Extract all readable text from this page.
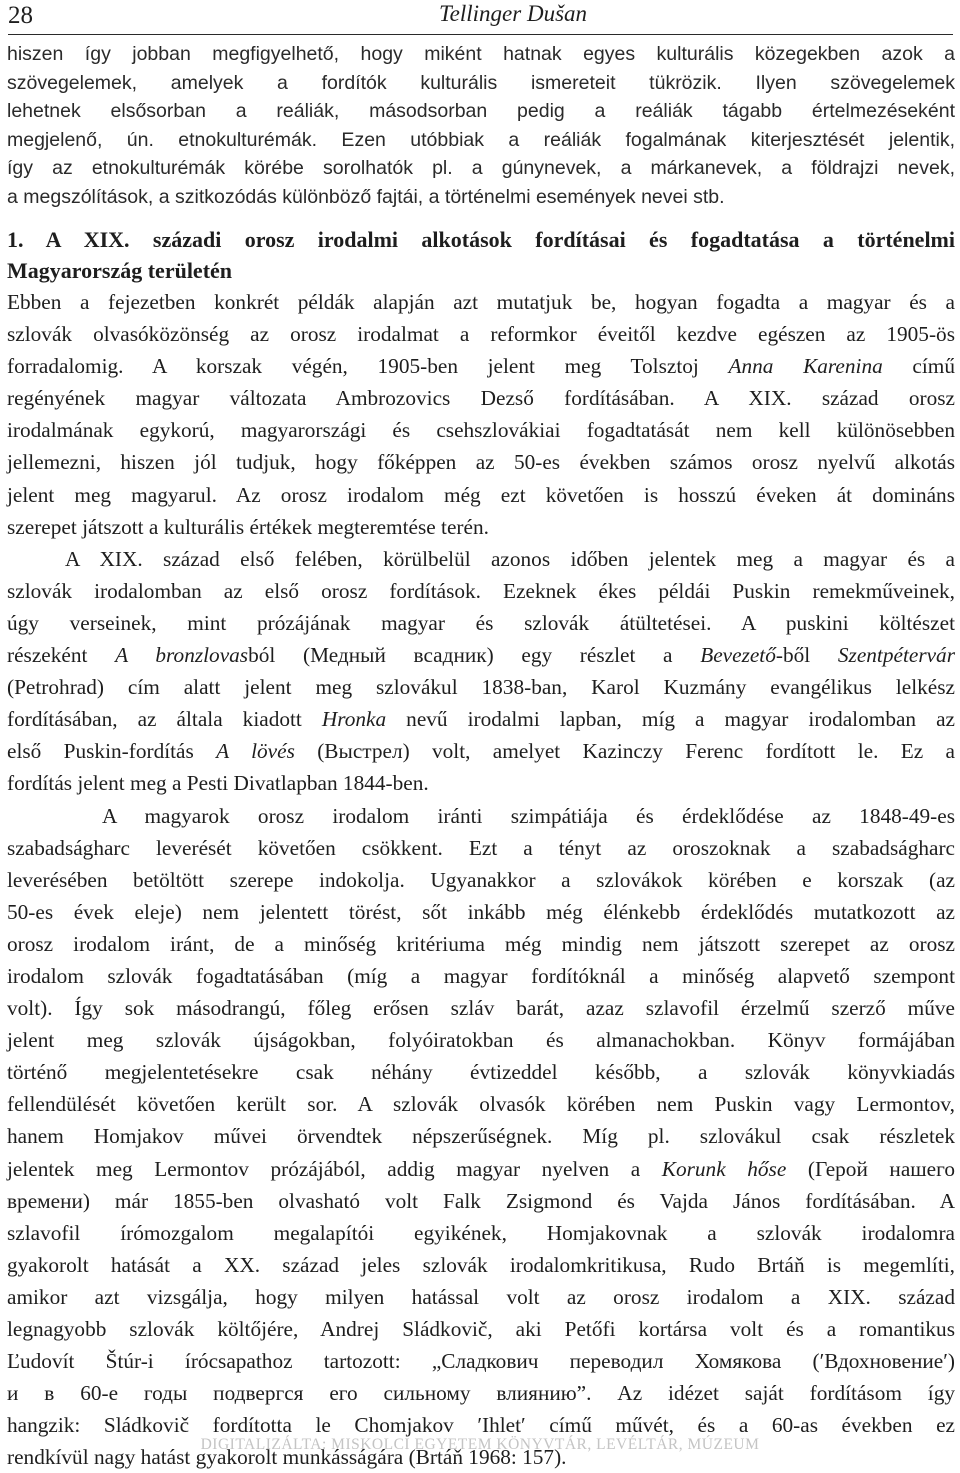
28	Tellinger Dušan
hiszen így jobban megfigyelhető, hogy miként hatnak egyes kulturális közegekben azok a
szövegelemek, amelyek a fordítók kulturális ismereteit tükrözik. Ilyen szövegelemek
lehetnek elsősorban a reáliák, másodsorban pedig a reáliák tágabb értelmezéseként
megjelenő, ún. etnokulturémák. Ezen utóbbiak a reáliák fogalmának kiterjesztését jelentik,
így az etnokulturémák körébe sorolhatók pl. a gúnynevek, a márkanevek, a földrajzi nevek,
a megszólítások, a szitkozódás különböző fajtái, a történelmi események nevei stb.
1. A XIX. századi orosz irodalmi alkotások fordításai és fogadtatása a történelmi
Magyarország területén
Ebben a fejezetben konkrét példák alapján azt mutatjuk be, hogyan fogadta a magyar és a
szlovák olvasóközönség az orosz irodalmat a reformkor éveitől kezdve egészen az 1905-ös
forradalomig. A korszak végén, 1905-ben jelent meg Tolsztoj Anna Karenina című
regényének magyar változata Ambrozovics Dezső fordításában. A XIX. század orosz
irodalmának egykorú, magyarországi és csehszlovákiai fogadtatását nem kell különösebben
jellemezni, hiszen jól tudjuk, hogy főképpen az 50-es években számos orosz nyelvű alkotás
jelent meg magyarul. Az orosz irodalom még ezt követően is hosszú éveken át domináns
szerepet játszott a kulturális értékek megteremtése terén.
A XIX. század első felében, körülbelül azonos időben jelentek meg a magyar és a
szlovák irodalomban az első orosz fordítások. Ezeknek ékes példái Puskin remekműveinek,
úgy verseinek, mint prózájának magyar és szlovák átültetései. A puskini költészet
részeként A bronzlovasból (Медный всадник) egy részlet a Bevezető-ből Szentpétervár
(Petrohrad) cím alatt jelent meg szlovákul 1838-ban, Karol Kuzmány evangélikus lelkész
fordításában, az általa kiadott Hronka nevű irodalmi lapban, míg a magyar irodalomban az
első Puskin-fordítás A lövés (Выстрел) volt, amelyet Kazinczy Ferenc fordított le. Ez a
fordítás jelent meg a Pesti Divatlapban 1844-ben.
A magyarok orosz irodalom iránti szimpátiája és érdeklődése az 1848-49-es
szabadságharc leverését követően csökkent. Ezt a tényt az oroszoknak a szabadságharc
leverésében betöltött szerepe indokolja. Ugyanakkor a szlovákok körében e korszak (az
50-es évek eleje) nem jelentett törést, sőt inkább még élénkebb érdeklődés mutatkozott az
orosz irodalom iránt, de a minőség kritériuma még mindig nem játszott szerepet az orosz
irodalom szlovák fogadtatásában (míg a magyar fordítóknál a minőség alapvető szempont
volt). Így sok másodrangú, főleg erősen szláv barát, azaz szlavofil érzelmű szerző műve
jelent meg szlovák újságokban, folyóiratokban és almanachokban. Könyv formájában
történő megjelentetésekre csak néhány évtizeddel később, a szlovák könyvkiadás
fellendülését követően került sor. A szlovák olvasók körében nem Puskin vagy Lermontov,
hanem Homjakov művei örvendtek népszerűségnek. Míg pl. szlovákul csak részletek
jelentek meg Lermontov prózájából, addig magyar nyelven a Korunk hőse (Герой нашего
времени) már 1855-ben olvasható volt Falk Zsigmond és Vajda János fordításában. A
szlavofil írómozgalom megalapítói egyikének, Homjakovnak a szlovák irodalomra
gyakorolt hatását a XX. század jeles szlovák irodalomkritikusa, Rudo Brtáň is megemlíti,
amikor azt vizsgálja, hogy milyen hatással volt az orosz irodalom a XIX. század
legnagyobb szlovák költőjére, Andrej Sládkovič, aki Petőfi kortársa volt és a romantikus
Ľudovít Štúr-i írócsapathoz tartozott: „Сладкович переводил Хомякова (ʹВдохновениеʹ)
и в 60-е годы подвергся его сильному влиянию”. Az idézet saját fordításom így
hangzik: Sládkovič fordította le Chomjakov ʹIhletʹ című művét, és a 60-as években ez
rendkívül nagy hatást gyakorolt munkásságára (Brtáň 1968: 157).
DIGITALIZÁLTA: MISKOLCI EGYETEM KÖNYVTÁR, LEVÉLTÁR, MÚZEUM
